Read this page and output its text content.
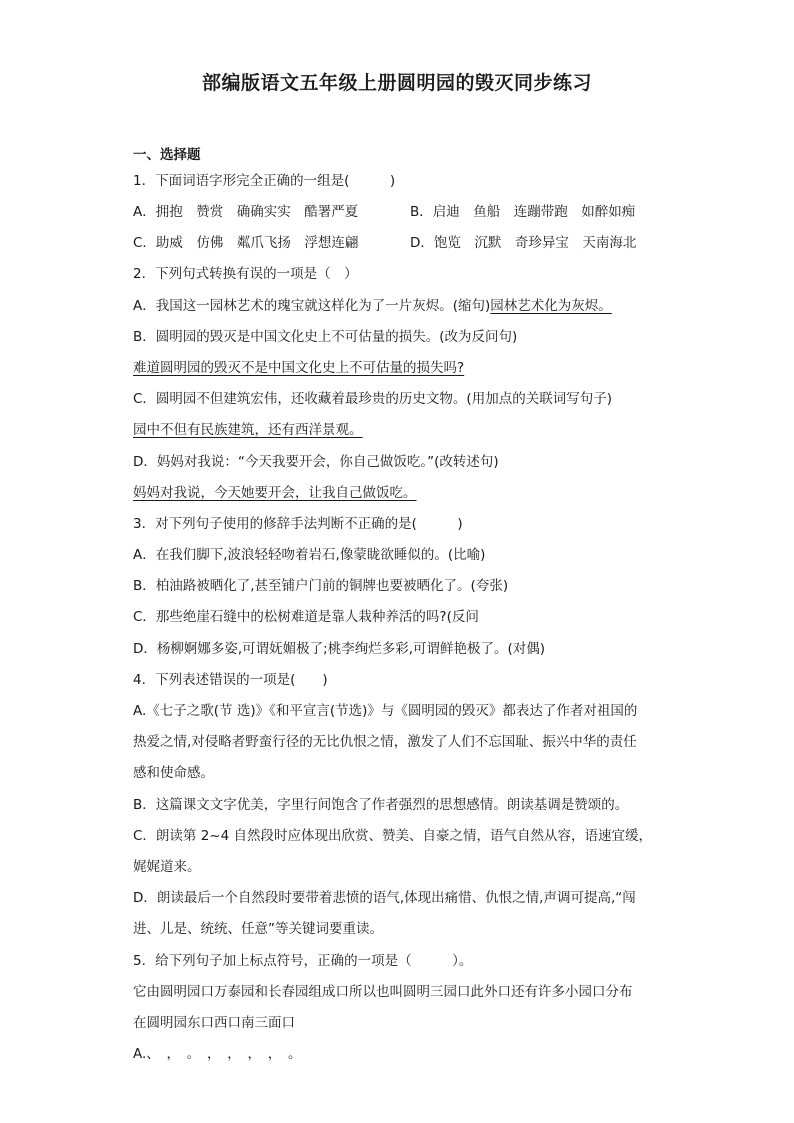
部编版语文五年级上册圆明园的毁灭同步练习
一、选择题
1．下面词语字形完全正确的一组是(　　　)
A．拥抱　赞赏　确确实实　酷署严夏	B．启迪　鱼船　连蹦带跑　如醉如痴
C．助威　仿佛　粼爪飞扬　浮想连翩	D．饱览　沉默　奇珍异宝　天南海北
2．下列句式转换有误的一项是（　）
A．我国这一园林艺术的瑰宝就这样化为了一片灰烬。(缩句)园林艺术化为灰烬。
B．圆明园的毁灭是中国文化史上不可估量的损失。(改为反问句)
难道圆明园的毁灭不是中国文化史上不可估量的损失吗?
C．圆明园不但建筑宏伟，还收藏着最珍贵的历史文物。(用加点的关联词写句子)
园中不但有民族建筑，还有西洋景观。
D．妈妈对我说：“今天我要开会，你自己做饭吃。”(改转述句)
妈妈对我说，今天她要开会，让我自己做饭吃。
3．对下列句子使用的修辞手法判断不正确的是(　　　)
A．在我们脚下,波浪轻轻吻着岩石,像蒙眬欲睡似的。(比喻)
B．柏油路被晒化了,甚至铺户门前的铜牌也要被晒化了。(夸张)
C．那些绝崖石缝中的松树难道是靠人栽种养活的吗?(反问
D．杨柳婀娜多姿,可谓妩媚极了;桃李绚烂多彩,可谓鲜艳极了。(对偶)
4．下列表述错误的一项是(　　)
A.《七子之歌(节 选)》《和平宣言(节选)》与《圆明园的毁灭》都表达了作者对祖国的
热爱之情,对侵略者野蛮行径的无比仇恨之情，激发了人们不忘国耻、振兴中华的责任
感和使命感。
B．这篇课文文字优美，字里行间饱含了作者强烈的思想感情。朗读基调是赞颂的。
C．朗读第 2~4 自然段时应体现出欣赏、赞美、自豪之情，语气自然从容，语速宜缓，
娓娓道来。
D．朗读最后一个自然段时要带着悲愤的语气,体现出痛惜、仇恨之情,声调可提高,“闯
进、儿是、统统、任意”等关键词要重读。
5．给下列句子加上标点符号，正确的一项是（　　　）。
它由圆明园口万泰园和长春园组成口所以也叫圆明三园口此外口还有许多小园口分布
在圆明园东口西口南三面口
A.、　，　。　，　，　，　，　。
